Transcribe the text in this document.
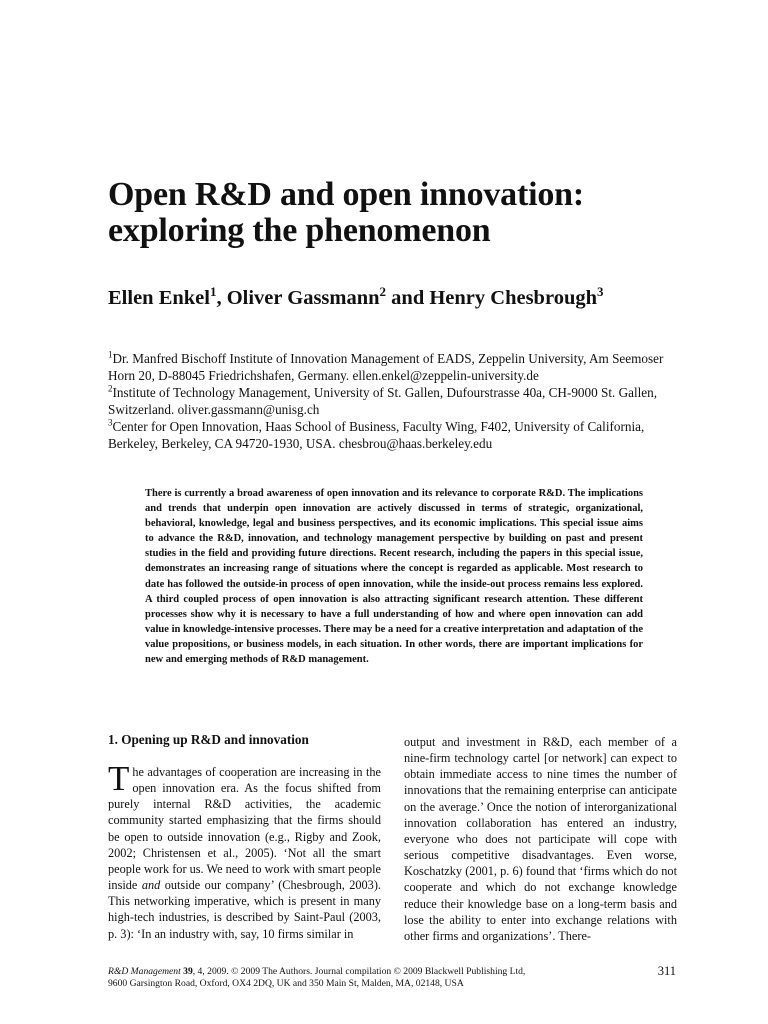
Open R&D and open innovation: exploring the phenomenon

Ellen Enkel$^1$, Oliver Gassmann$^2$ and Henry Chesbrough$^3$

$^1$Dr. Manfred Bischoff Institute of Innovation Management of EADS, Zeppelin University, Am Seemoser Horn 20, D-88045 Friedrichshafen, Germany. ellen.enkel@zeppelin-university.de
$^2$Institute of Technology Management, University of St. Gallen, Dufourstrasse 40a, CH-9000 St. Gallen, Switzerland. oliver.gassmann@unisg.ch
$^3$Center for Open Innovation, Haas School of Business, Faculty Wing, F402, University of California, Berkeley, Berkeley, CA 94720-1930, USA. chesbrou@haas.berkeley.edu

There is currently a broad awareness of open innovation and its relevance to corporate R&D. The implications and trends that underpin open innovation are actively discussed in terms of strategic, organizational, behavioral, knowledge, legal and business perspectives, and its economic implications. This special issue aims to advance the R&D, innovation, and technology management perspective by building on past and present studies in the field and providing future directions. Recent research, including the papers in this special issue, demonstrates an increasing range of situations where the concept is regarded as applicable. Most research to date has followed the outside-in process of open innovation, while the inside-out process remains less explored. A third coupled process of open innovation is also attracting significant research attention. These different processes show why it is necessary to have a full understanding of how and where open innovation can add value in knowledge-intensive processes. There may be a need for a creative interpretation and adaptation of the value propositions, or business models, in each situation. In other words, there are important implications for new and emerging methods of R&D management.

1. Opening up R&D and innovation

The advantages of cooperation are increasing in the open innovation era. As the focus shifted from purely internal R&D activities, the academic community started emphasizing that the firms should be open to outside innovation (e.g., Rigby and Zook, 2002; Christensen et al., 2005). ‘Not all the smart people work for us. We need to work with smart people inside and outside our company’ (Chesbrough, 2003). This networking imperative, which is present in many high-tech industries, is described by Saint-Paul (2003, p. 3): ‘In an industry with, say, 10 firms similar in

output and investment in R&D, each member of a nine-firm technology cartel [or network] can expect to obtain immediate access to nine times the number of innovations that the remaining enterprise can anticipate on the average.’ Once the notion of interorganizational innovation collaboration has entered an industry, everyone who does not participate will cope with serious competitive disadvantages. Even worse, Koschatzky (2001, p. 6) found that ‘firms which do not cooperate and which do not exchange knowledge reduce their knowledge base on a long-term basis and lose the ability to enter into exchange relations with other firms and organizations’. There-

R&D Management 39, 4, 2009. © 2009 The Authors. Journal compilation © 2009 Blackwell Publishing Ltd,
9600 Garsington Road, Oxford, OX4 2DQ, UK and 350 Main St, Malden, MA, 02148, USA
311
